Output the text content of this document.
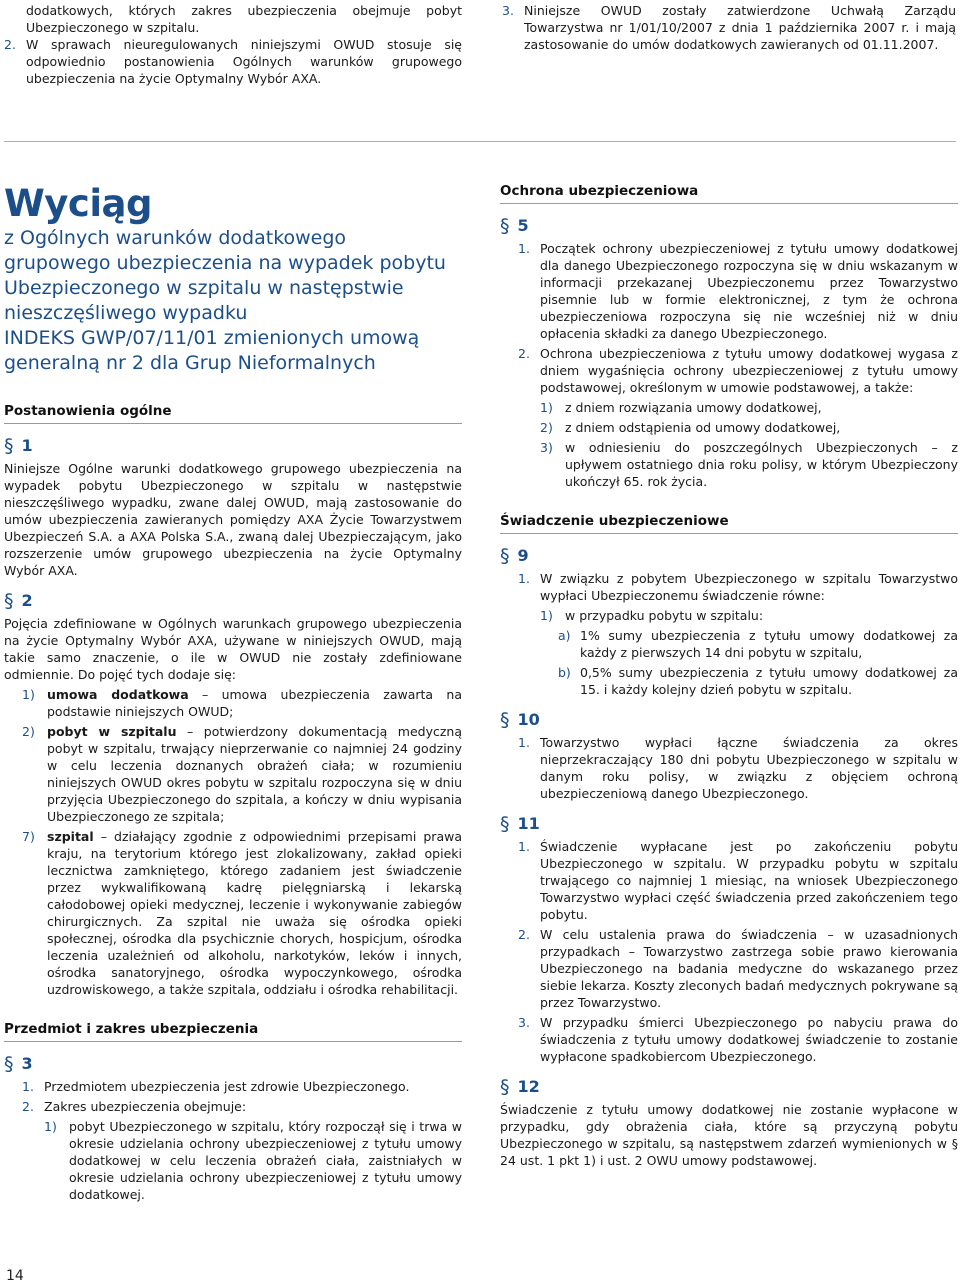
dodatkowych, których zakres ubezpieczenia obejmuje pobyt Ubezpieczonego w szpitalu.
2. W sprawach nieuregulowanych niniejszymi OWUD stosuje się odpowiednio postanowienia Ogólnych warunków grupowego ubezpieczenia na życie Optymalny Wybór AXA.
3. Niniejsze OWUD zostały zatwierdzone Uchwałą Zarządu Towarzystwa nr 1/01/10/2007 z dnia 1 października 2007 r. i mają zastosowanie do umów dodatkowych zawieranych od 01.11.2007.
Wyciąg
z Ogólnych warunków dodatkowego
grupowego ubezpieczenia na wypadek pobytu
Ubezpieczonego w szpitalu w następstwie
nieszczęśliwego wypadku
INDEKS GWP/07/11/01 zmienionych umową
generalną nr 2 dla Grup Nieformalnych
Postanowienia ogólne
§ 1
Niniejsze Ogólne warunki dodatkowego grupowego ubezpieczenia na wypadek pobytu Ubezpieczonego w szpitalu w następstwie nieszczęśliwego wypadku, zwane dalej OWUD, mają zastosowanie do umów ubezpieczenia zawieranych pomiędzy AXA Życie Towarzystwem Ubezpieczeń S.A. a AXA Polska S.A., zwaną dalej Ubezpieczającym, jako rozszerzenie umów grupowego ubezpieczenia na życie Optymalny Wybór AXA.
§ 2
Pojęcia zdefiniowane w Ogólnych warunkach grupowego ubezpieczenia na życie Optymalny Wybór AXA, używane w niniejszych OWUD, mają takie samo znaczenie, o ile w OWUD nie zostały zdefiniowane odmiennie. Do pojęć tych dodaje się:
1) umowa dodatkowa – umowa ubezpieczenia zawarta na podstawie niniejszych OWUD;
2) pobyt w szpitalu – potwierdzony dokumentacją medyczną pobyt w szpitalu, trwający nieprzerwanie co najmniej 24 godziny w celu leczenia doznanych obrażeń ciała; w rozumieniu niniejszych OWUD okres pobytu w szpitalu rozpoczyna się w dniu przyjęcia Ubezpieczonego do szpitala, a kończy w dniu wypisania Ubezpieczonego ze szpitala;
7) szpital – działający zgodnie z odpowiednimi przepisami prawa kraju, na terytorium którego jest zlokalizowany, zakład opieki lecznictwa zamkniętego, którego zadaniem jest świadczenie przez wykwalifikowaną kadrę pielęgniarską i lekarską całodobowej opieki medycznej, leczenie i wykonywanie zabiegów chirurgicznych. Za szpital nie uważa się ośrodka opieki społecznej, ośrodka dla psychicznie chorych, hospicjum, ośrodka leczenia uzależnień od alkoholu, narkotyków, leków i innych, ośrodka sanatoryjnego, ośrodka wypoczynkowego, ośrodka uzdrowiskowego, a także szpitala, oddziału i ośrodka rehabilitacji.
Przedmiot i zakres ubezpieczenia
§ 3
1. Przedmiotem ubezpieczenia jest zdrowie Ubezpieczonego.
2. Zakres ubezpieczenia obejmuje:
1) pobyt Ubezpieczonego w szpitalu, który rozpoczął się i trwa w okresie udzielania ochrony ubezpieczeniowej z tytułu umowy dodatkowej w celu leczenia obrażeń ciała, zaistniałych w okresie udzielania ochrony ubezpieczeniowej z tytułu umowy dodatkowej.
Ochrona ubezpieczeniowa
§ 5
1. Początek ochrony ubezpieczeniowej z tytułu umowy dodatkowej dla danego Ubezpieczonego rozpoczyna się w dniu wskazanym w informacji przekazanej Ubezpieczonemu przez Towarzystwo pisemnie lub w formie elektronicznej, z tym że ochrona ubezpieczeniowa rozpoczyna się nie wcześniej niż w dniu opłacenia składki za danego Ubezpieczonego.
2. Ochrona ubezpieczeniowa z tytułu umowy dodatkowej wygasa z dniem wygaśnięcia ochrony ubezpieczeniowej z tytułu umowy podstawowej, określonym w umowie podstawowej, a także:
1) z dniem rozwiązania umowy dodatkowej,
2) z dniem odstąpienia od umowy dodatkowej,
3) w odniesieniu do poszczególnych Ubezpieczonych – z upływem ostatniego dnia roku polisy, w którym Ubezpieczony ukończył 65. rok życia.
Świadczenie ubezpieczeniowe
§ 9
1. W związku z pobytem Ubezpieczonego w szpitalu Towarzystwo wypłaci Ubezpieczonemu świadczenie równe:
1) w przypadku pobytu w szpitalu:
a) 1% sumy ubezpieczenia z tytułu umowy dodatkowej za każdy z pierwszych 14 dni pobytu w szpitalu,
b) 0,5% sumy ubezpieczenia z tytułu umowy dodatkowej za 15. i każdy kolejny dzień pobytu w szpitalu.
§ 10
1. Towarzystwo wypłaci łączne świadczenia za okres nieprzekraczający 180 dni pobytu Ubezpieczonego w szpitalu w danym roku polisy, w związku z objęciem ochroną ubezpieczeniową danego Ubezpieczonego.
§ 11
1. Świadczenie wypłacane jest po zakończeniu pobytu Ubezpieczonego w szpitalu. W przypadku pobytu w szpitalu trwającego co najmniej 1 miesiąc, na wniosek Ubezpieczonego Towarzystwo wypłaci część świadczenia przed zakończeniem tego pobytu.
2. W celu ustalenia prawa do świadczenia – w uzasadnionych przypadkach – Towarzystwo zastrzega sobie prawo kierowania Ubezpieczonego na badania medyczne do wskazanego przez siebie lekarza. Koszty zleconych badań medycznych pokrywane są przez Towarzystwo.
3. W przypadku śmierci Ubezpieczonego po nabyciu prawa do świadczenia z tytułu umowy dodatkowej świadczenie to zostanie wypłacone spadkobiercom Ubezpieczonego.
§ 12
Świadczenie z tytułu umowy dodatkowej nie zostanie wypłacone w przypadku, gdy obrażenia ciała, które są przyczyną pobytu Ubezpieczonego w szpitalu, są następstwem zdarzeń wymienionych w § 24 ust. 1 pkt 1) i ust. 2 OWU umowy podstawowej.
14
